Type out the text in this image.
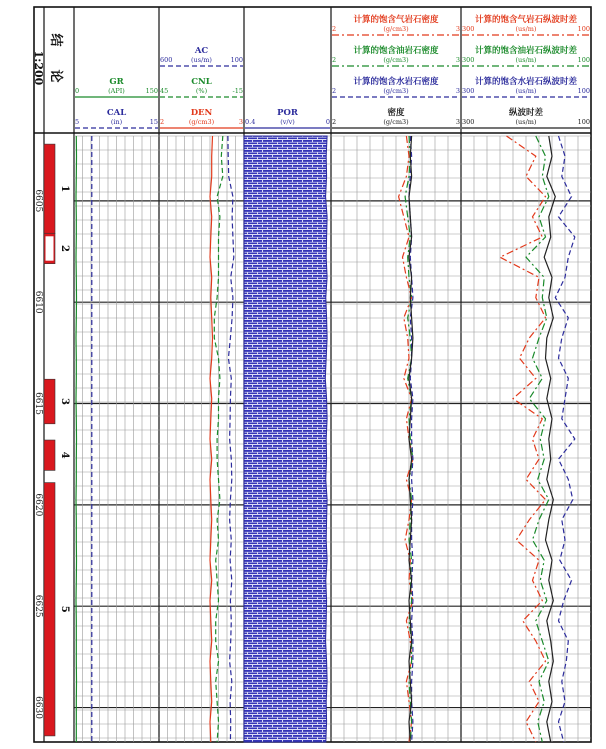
6605
6610
6615
6620
6625
6630
1
2
3
4
5
1:200
结
论	GR
(API)
0	150
CAL
(in)
5	15
AC
(us/m)
600	100
CNL
(%)
45	-15
DEN
(g/cm3)
2	3
POR
(v/v)
0.4	0
计算的饱含气岩石密度
(g/cm3)
2	3
计算的饱含油岩石密度
(g/cm3)
2	3
计算的饱含水岩石密度
(g/cm3)
2	3
密度
(g/cm3)
2	3
计算的饱含气岩石纵波时差
(us/m)
300	100
计算的饱含油岩石纵波时差
(us/m)
300	100
计算的饱含水岩石纵波时差
(us/m)
300	100
纵波时差
(us/m)
300	100
